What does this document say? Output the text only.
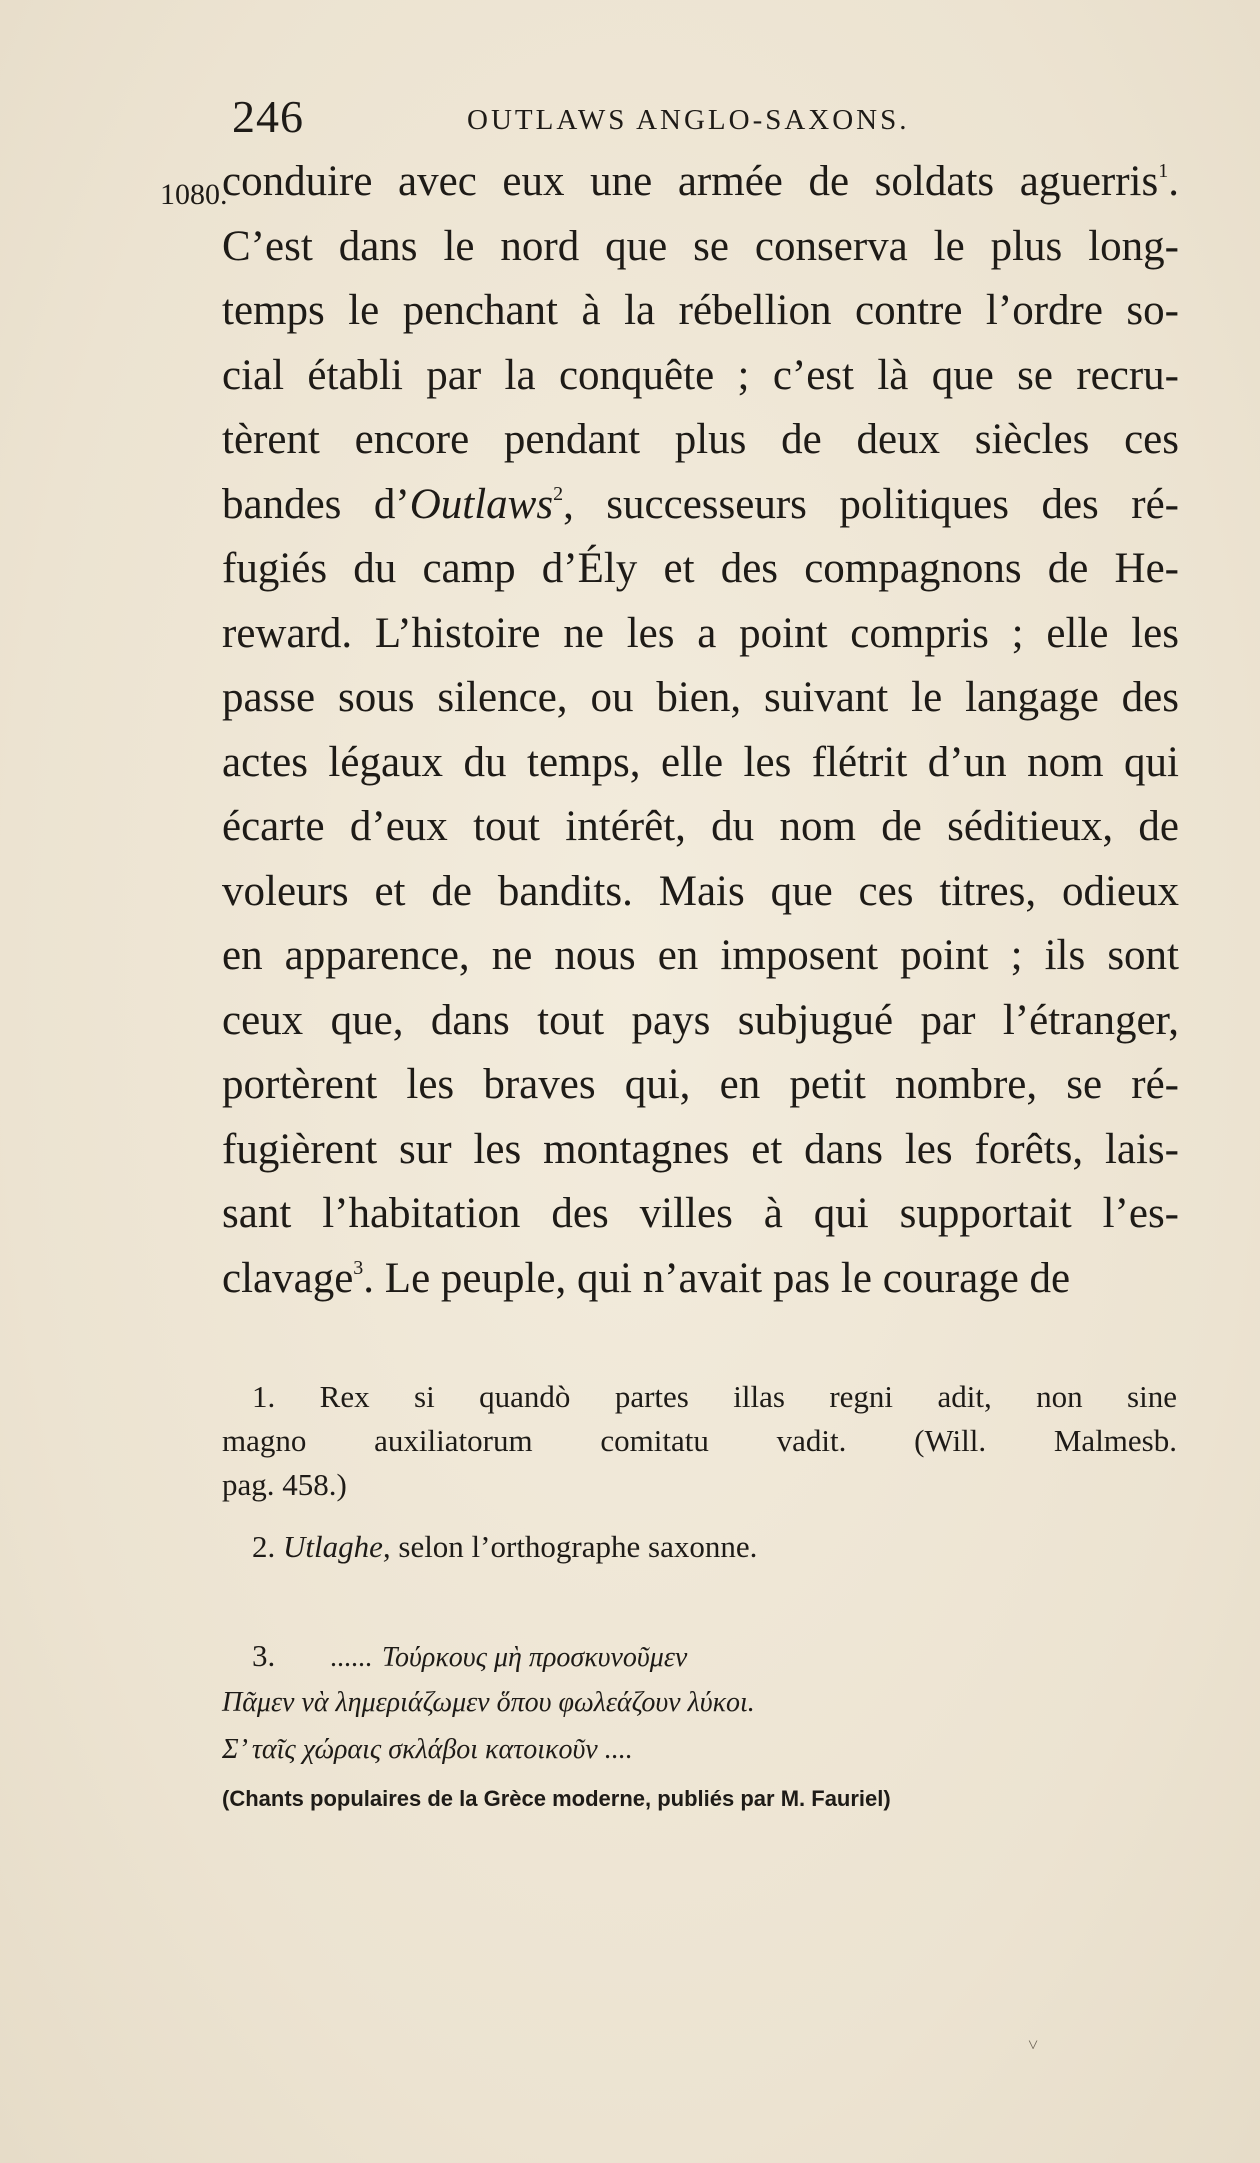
246	OUTLAWS ANGLO-SAXONS.
1080.
conduire avec eux une armée de soldats aguerris$^1$.
C’est dans le nord que se conserva le plus long-
temps le penchant à la rébellion contre l’ordre so-
cial établi par la conquête ; c’est là que se recru-
tèrent encore pendant plus de deux siècles ces
bandes d’Outlaws$^2$, successeurs politiques des ré-
fugiés du camp d’Ély et des compagnons de He-
reward. L’histoire ne les a point compris ; elle les
passe sous silence, ou bien, suivant le langage des
actes légaux du temps, elle les flétrit d’un nom qui
écarte d’eux tout intérêt, du nom de séditieux, de
voleurs et de bandits. Mais que ces titres, odieux
en apparence, ne nous en imposent point ; ils sont
ceux que, dans tout pays subjugué par l’étranger,
portèrent les braves qui, en petit nombre, se ré-
fugièrent sur les montagnes et dans les forêts, lais-
sant l’habitation des villes à qui supportait l’es-
clavage$^3$. Le peuple, qui n’avait pas le courage de
1. Rex si quandò partes illas regni adit, non sine
magno auxiliatorum comitatu vadit. (Will. Malmesb.
pag. 458.)
2. Utlaghe, selon l’orthographe saxonne.
3. ...... Τούρκους μὴ προσκυνοῦμεν
Πᾶμεν νὰ λημεριάζωμεν ὅπου φωλεάζουν λύκοι.
Σ’ ταῖς χώραις σκλάβοι κατοικοῦν ....
(Chants populaires de la Grèce moderne, publiés par M. Fauriel)
˅
